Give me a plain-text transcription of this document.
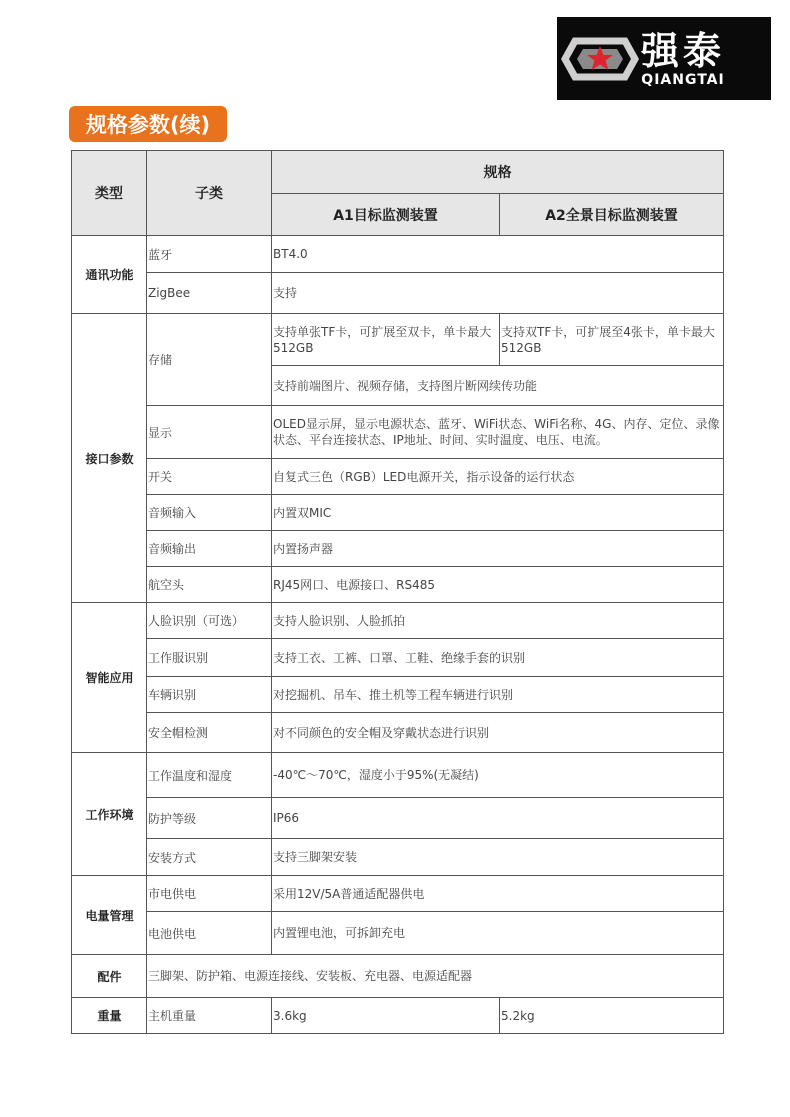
强泰
QIANGTAI
规格参数(续)
类型	子类	规格	
		A1目标监测装置	A2全景目标监测装置
通讯功能	蓝牙	BT4.0	
	ZigBee	支持	
接口参数	存储	支持单张TF卡，可扩展至双卡，单卡最大512GB	支持双TF卡，可扩展至4张卡，单卡最大512GB
		支持前端图片、视频存储，支持图片断网续传功能	
	显示	OLED显示屏，显示电源状态、蓝牙、WiFi状态、WiFi名称、4G、内存、定位、录像状态、平台连接状态、IP地址、时间、实时温度、电压、电流。	
	开关	自复式三色（RGB）LED电源开关，指示设备的运行状态	
	音频输入	内置双MIC	
	音频输出	内置扬声器	
	航空头	RJ45网口、电源接口、RS485	
智能应用	人脸识别（可选）	支持人脸识别、人脸抓拍	
	工作服识别	支持工衣、工裤、口罩、工鞋、绝缘手套的识别	
	车辆识别	对挖掘机、吊车、推土机等工程车辆进行识别	
	安全帽检测	对不同颜色的安全帽及穿戴状态进行识别	
工作环境	工作温度和湿度	-40℃～70℃，湿度小于95%(无凝结)	
	防护等级	IP66	
	安装方式	支持三脚架安装	
电量管理	市电供电	采用12V/5A普通适配器供电	
	电池供电	内置锂电池，可拆卸充电	
配件	三脚架、防护箱、电源连接线、安装板、充电器、电源适配器		
重量	主机重量	3.6kg	5.2kg
